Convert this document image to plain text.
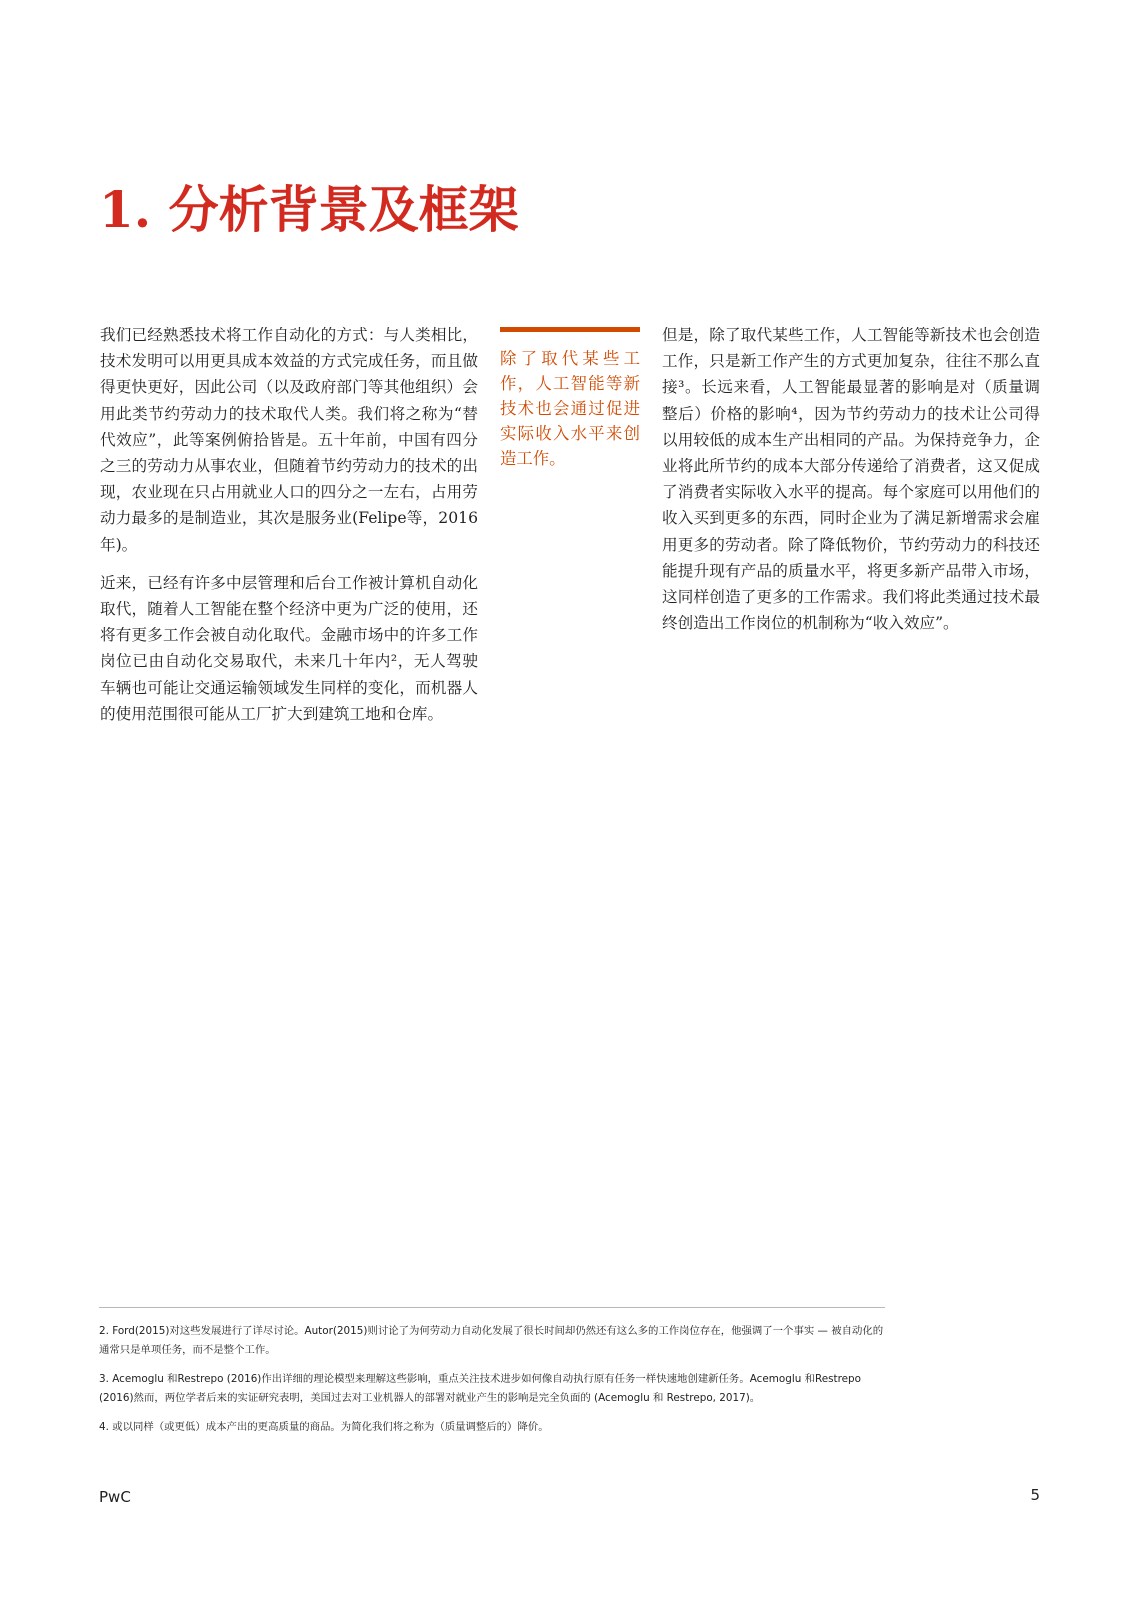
1. 分析背景及框架

我们已经熟悉技术将工作自动化的方式：与人类相比，技术发明可以用更具成本效益的方式完成任务，而且做得更快更好，因此公司（以及政府部门等其他组织）会用此类节约劳动力的技术取代人类。我们将之称为“替代效应”，此等案例俯拾皆是。五十年前，中国有四分之三的劳动力从事农业，但随着节约劳动力的技术的出现，农业现在只占用就业人口的四分之一左右，占用劳动力最多的是制造业，其次是服务业(Felipe等，2016年)。

近来，已经有许多中层管理和后台工作被计算机自动化取代，随着人工智能在整个经济中更为广泛的使用，还将有更多工作会被自动化取代。金融市场中的许多工作岗位已由自动化交易取代，未来几十年内²，无人驾驶车辆也可能让交通运输领域发生同样的变化，而机器人的使用范围很可能从工厂扩大到建筑工地和仓库。

除了取代某些工作，人工智能等新技术也会通过促进实际收入水平来创造工作。

但是，除了取代某些工作，人工智能等新技术也会创造工作，只是新工作产生的方式更加复杂，往往不那么直接³。长远来看，人工智能最显著的影响是对（质量调整后）价格的影响⁴，因为节约劳动力的技术让公司得以用较低的成本生产出相同的产品。为保持竞争力，企业将此所节约的成本大部分传递给了消费者，这又促成了消费者实际收入水平的提高。每个家庭可以用他们的收入买到更多的东西，同时企业为了满足新增需求会雇用更多的劳动者。除了降低物价，节约劳动力的科技还能提升现有产品的质量水平，将更多新产品带入市场，这同样创造了更多的工作需求。我们将此类通过技术最终创造出工作岗位的机制称为“收入效应”。

2. Ford(2015)对这些发展进行了详尽讨论。Autor(2015)则讨论了为何劳动力自动化发展了很长时间却仍然还有这么多的工作岗位存在，他强调了一个事实 — 被自动化的通常只是单项任务，而不是整个工作。

3. Acemoglu 和Restrepo (2016)作出详细的理论模型来理解这些影响，重点关注技术进步如何像自动执行原有任务一样快速地创建新任务。Acemoglu 和Restrepo (2016)然而，两位学者后来的实证研究表明，美国过去对工业机器人的部署对就业产生的影响是完全负面的 (Acemoglu 和 Restrepo, 2017)。

4. 或以同样（或更低）成本产出的更高质量的商品。为简化我们将之称为（质量调整后的）降价。

PwC	5
